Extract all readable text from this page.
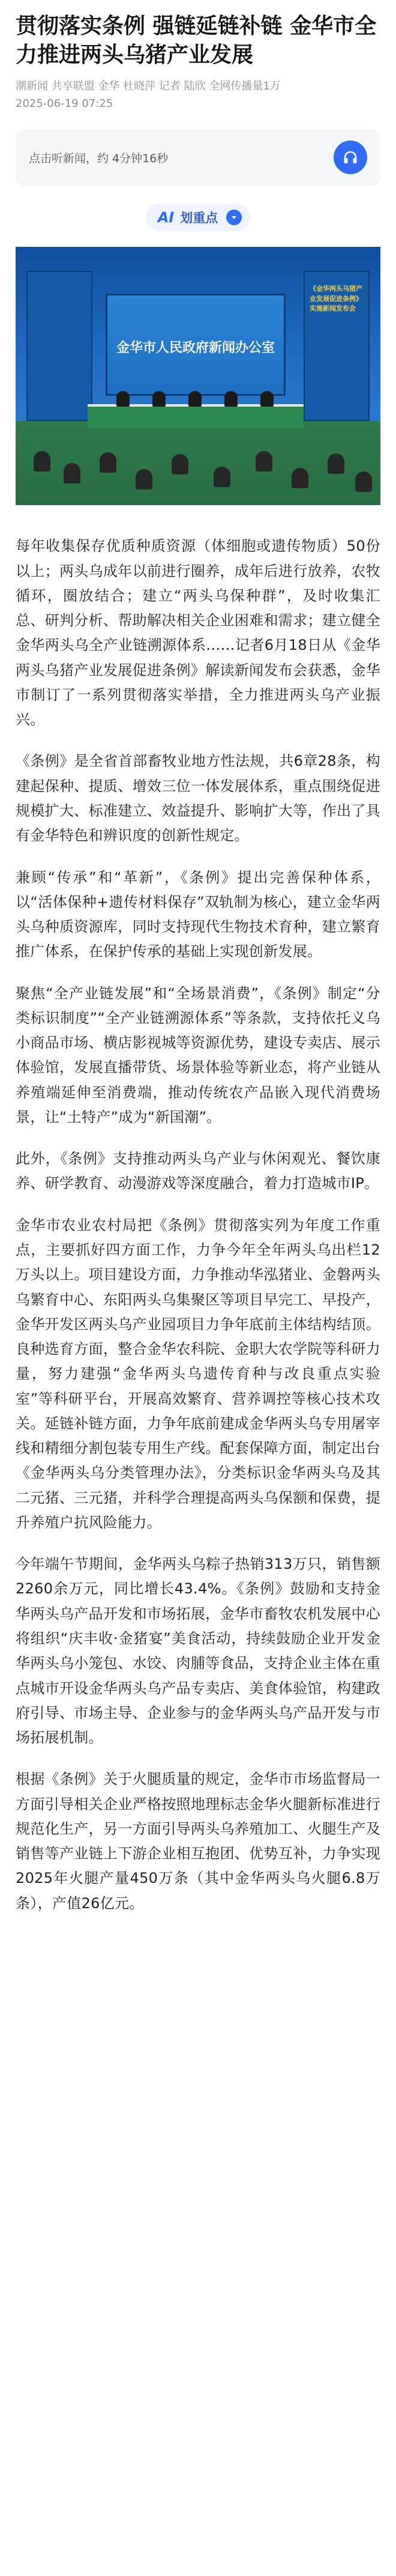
贯彻落实条例 强链延链补链 金华市全力推进两头乌猪产业发展
潮新闻 共享联盟 金华 杜晓萍 记者 陆欣 全网传播量1万
2025-06-19 07:25
点击听新闻，约 4分钟16秒
AI 划重点
《金华两头乌猪产业发展促进条例》实施新闻发布会
金华市人民政府新闻办公室

每年收集保存优质种质资源（体细胞或遗传物质）50份以上；两头乌成年以前进行圈养，成年后进行放养，农牧循环，圈放结合；建立“两头乌保种群”，及时收集汇总、研判分析、帮助解决相关企业困难和需求；建立健全金华两头乌全产业链溯源体系……记者6月18日从《金华两头乌猪产业发展促进条例》解读新闻发布会获悉，金华市制订了一系列贯彻落实举措，全力推进两头乌产业振兴。

《条例》是全省首部畜牧业地方性法规，共6章28条，构建起保种、提质、增效三位一体发展体系，重点围绕促进规模扩大、标准建立、效益提升、影响扩大等，作出了具有金华特色和辨识度的创新性规定。

兼顾“传承”和“革新”，《条例》提出完善保种体系，以“活体保种+遗传材料保存”双轨制为核心，建立金华两头乌种质资源库，同时支持现代生物技术育种，建立繁育推广体系，在保护传承的基础上实现创新发展。

聚焦“全产业链发展”和“全场景消费”，《条例》制定“分类标识制度”“全产业链溯源体系”等条款，支持依托义乌小商品市场、横店影视城等资源优势，建设专卖店、展示体验馆，发展直播带货、场景体验等新业态，将产业链从养殖端延伸至消费端，推动传统农产品嵌入现代消费场景，让“土特产”成为“新国潮”。

此外，《条例》支持推动两头乌产业与休闲观光、餐饮康养、研学教育、动漫游戏等深度融合，着力打造城市IP。

金华市农业农村局把《条例》贯彻落实列为年度工作重点，主要抓好四方面工作，力争今年全年两头乌出栏12万头以上。项目建设方面，力争推动华泓猪业、金磐两头乌繁育中心、东阳两头乌集聚区等项目早完工、早投产，金华开发区两头乌产业园项目力争年底前主体结构结顶。良种选育方面，整合金华农科院、金职大农学院等科研力量，努力建强“金华两头乌遗传育种与改良重点实验室”等科研平台，开展高效繁育、营养调控等核心技术攻关。延链补链方面，力争年底前建成金华两头乌专用屠宰线和精细分割包装专用生产线。配套保障方面，制定出台《金华两头乌分类管理办法》，分类标识金华两头乌及其二元猪、三元猪，并科学合理提高两头乌保额和保费，提升养殖户抗风险能力。

今年端午节期间，金华两头乌粽子热销313万只，销售额2260余万元，同比增长43.4%。《条例》鼓励和支持金华两头乌产品开发和市场拓展，金华市畜牧农机发展中心将组织“庆丰收·金猪宴”美食活动，持续鼓励企业开发金华两头乌小笼包、水饺、肉脯等食品，支持企业主体在重点城市开设金华两头乌产品专卖店、美食体验馆，构建政府引导、市场主导、企业参与的金华两头乌产品开发与市场拓展机制。

根据《条例》关于火腿质量的规定，金华市市场监督局一方面引导相关企业严格按照地理标志金华火腿新标准进行规范化生产，另一方面引导两头乌养殖加工、火腿生产及销售等产业链上下游企业相互抱团、优势互补，力争实现2025年火腿产量450万条（其中金华两头乌火腿6.8万条），产值26亿元。
